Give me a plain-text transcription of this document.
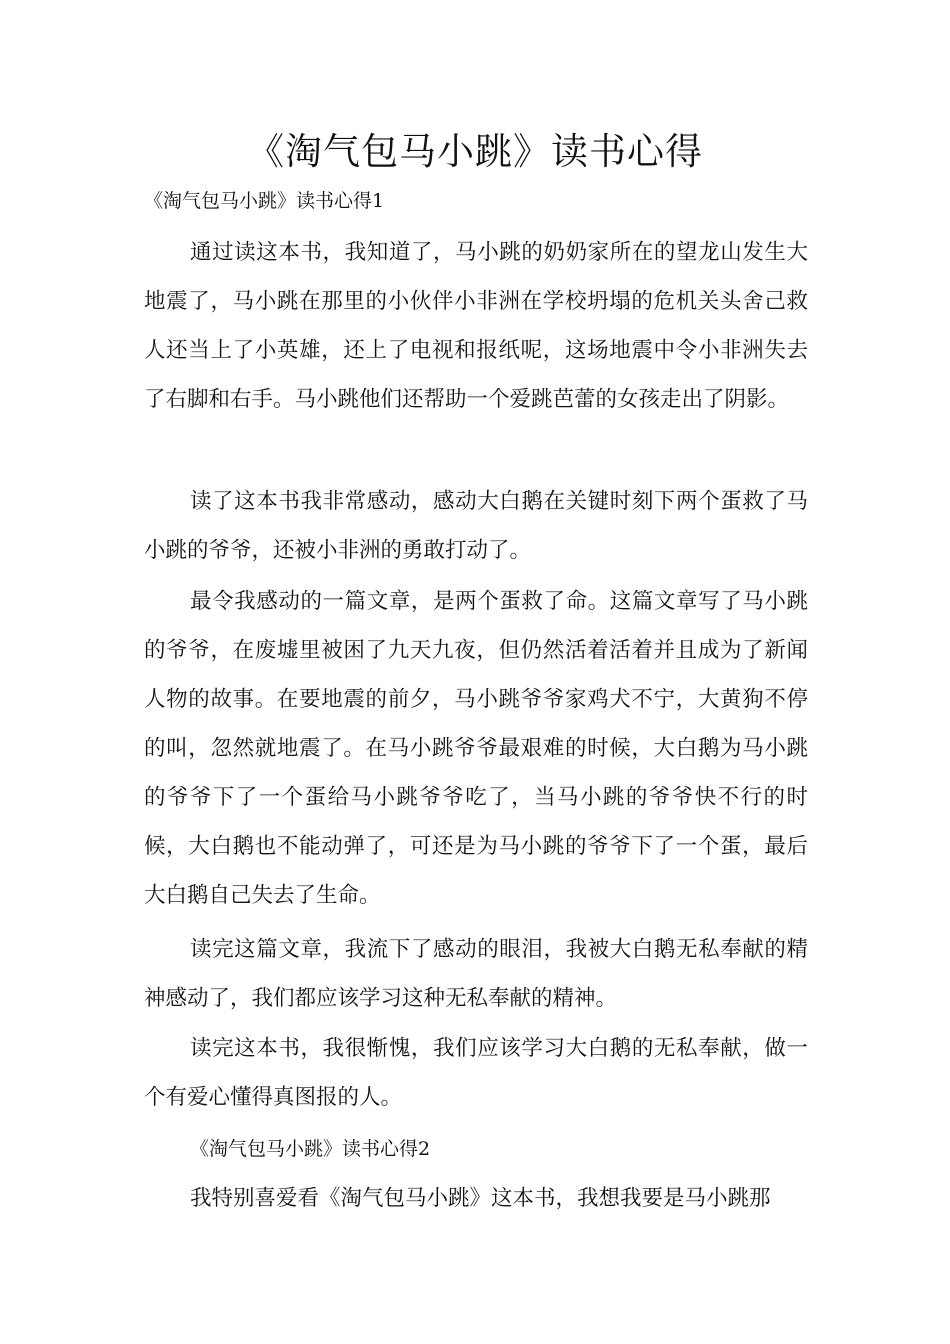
《淘气包马小跳》读书心得

《淘气包马小跳》读书心得1

通过读这本书，我知道了，马小跳的奶奶家所在的望龙山发生大地震了，马小跳在那里的小伙伴小非洲在学校坍塌的危机关头舍己救人还当上了小英雄，还上了电视和报纸呢，这场地震中令小非洲失去了右脚和右手。马小跳他们还帮助一个爱跳芭蕾的女孩走出了阴影。

读了这本书我非常感动，感动大白鹅在关键时刻下两个蛋救了马小跳的爷爷，还被小非洲的勇敢打动了。

最令我感动的一篇文章，是两个蛋救了命。这篇文章写了马小跳的爷爷，在废墟里被困了九天九夜，但仍然活着活着并且成为了新闻人物的故事。在要地震的前夕，马小跳爷爷家鸡犬不宁，大黄狗不停的叫，忽然就地震了。在马小跳爷爷最艰难的时候，大白鹅为马小跳的爷爷下了一个蛋给马小跳爷爷吃了，当马小跳的爷爷快不行的时候，大白鹅也不能动弹了，可还是为马小跳的爷爷下了一个蛋，最后大白鹅自己失去了生命。

读完这篇文章，我流下了感动的眼泪，我被大白鹅无私奉献的精神感动了，我们都应该学习这种无私奉献的精神。

读完这本书，我很惭愧，我们应该学习大白鹅的无私奉献，做一个有爱心懂得真图报的人。

《淘气包马小跳》读书心得2

我特别喜爱看《淘气包马小跳》这本书，我想我要是马小跳那
